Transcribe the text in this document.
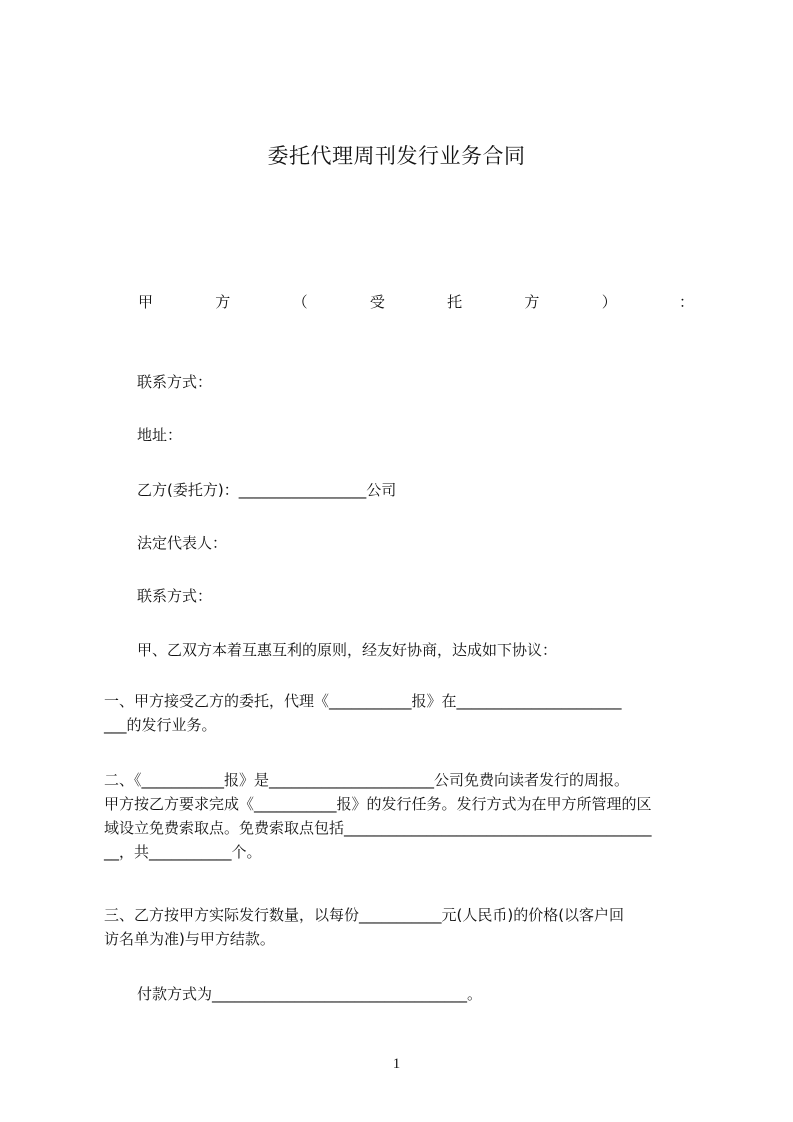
委托代理周刊发行业务合同
甲	方	（	受	托	方	）	：
联系方式：
地址：
乙方(委托方)：_________________公司
法定代表人：
联系方式：
甲、乙双方本着互惠互利的原则，经友好协商，达成如下协议：

一、甲方接受乙方的委托，代理《___________报》在______________________

___的发行业务。

二、《___________报》是______________________公司免费向读者发行的周报。

甲方按乙方要求完成《___________报》的发行任务。发行方式为在甲方所管理的区

域设立免费索取点。免费索取点包括_________________________________________

__，共___________个。

三、乙方按甲方实际发行数量，以每份___________元(人民币)的价格(以客户回

访名单为准)与甲方结款。

付款方式为__________________________________。
1
